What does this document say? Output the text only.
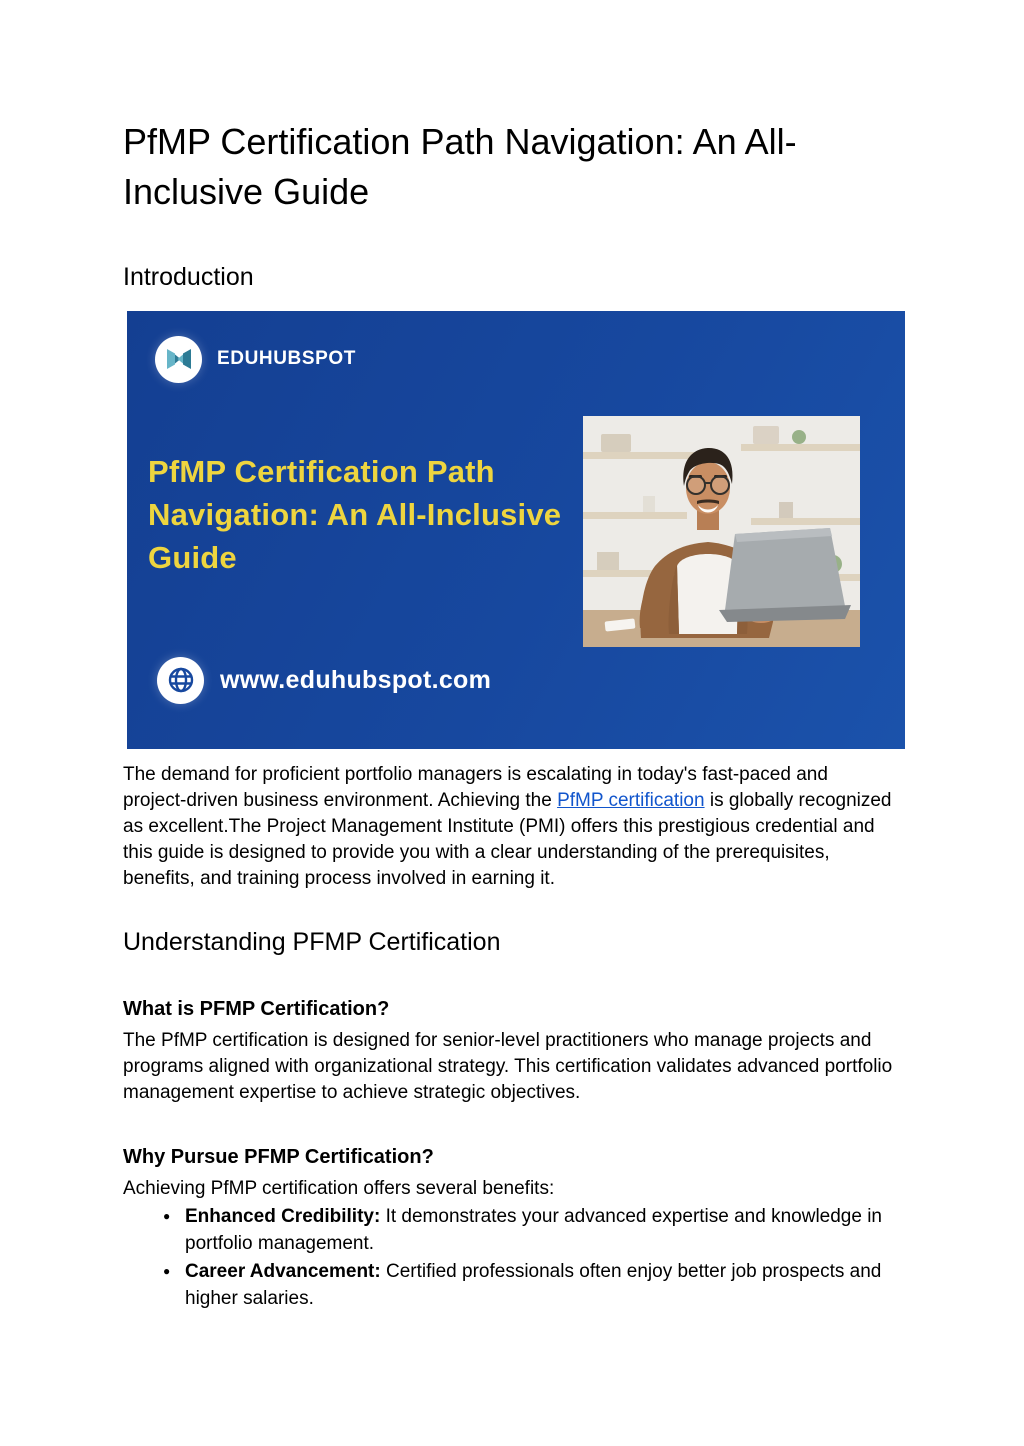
PfMP Certification Path Navigation: An All-Inclusive Guide
Introduction
EDUHUBSPOT
PfMP Certification Path
Navigation: An All-Inclusive
Guide
www.eduhubspot.com

The demand for proficient portfolio managers is escalating in today's fast-paced and project-driven business environment. Achieving the PfMP certification is globally recognized as excellent.The Project Management Institute (PMI) offers this prestigious credential and this guide is designed to provide you with a clear understanding of the prerequisites, benefits, and training process involved in earning it.

Understanding PFMP Certification
What is PFMP Certification?

The PfMP certification is designed for senior-level practitioners who manage projects and programs aligned with organizational strategy. This certification validates advanced portfolio management expertise to achieve strategic objectives.

Why Pursue PFMP Certification?

Achieving PfMP certification offers several benefits:

● Enhanced Credibility: It demonstrates your advanced expertise and knowledge in portfolio management.
● Career Advancement: Certified professionals often enjoy better job prospects and higher salaries.
